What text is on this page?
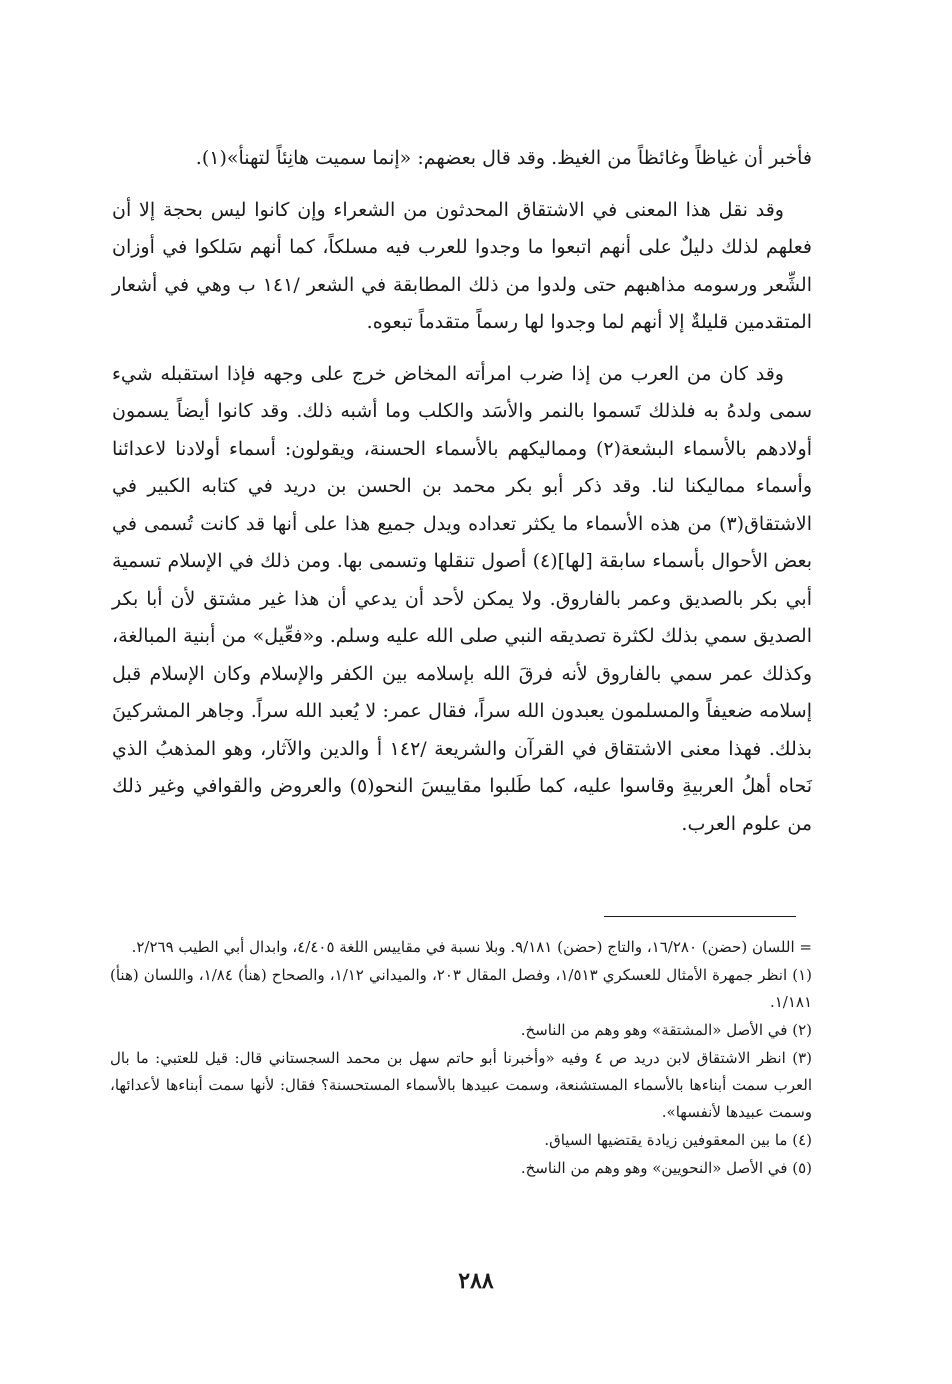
فأخبر أن غياظاً وغائظاً من الغيظ. وقد قال بعضهم: «إنما سميت هانِئاً لتهنأ»(١).

وقد نقل هذا المعنى في الاشتقاق المحدثون من الشعراء وإن كانوا ليس بحجة إلا أن فعلهم لذلك دليلٌ على أنهم اتبعوا ما وجدوا للعرب فيه مسلكاً، كما أنهم سَلكوا في أوزان الشِّعر ورسومه مذاهبهم حتى ولدوا من ذلك المطابقة في الشعر /١٤١ ب وهي في أشعار المتقدمين قليلةٌ إلا أنهم لما وجدوا لها رسماً متقدماً تبعوه.

وقد كان من العرب من إذا ضرب امرأته المخاض خرج على وجهه فإذا استقبله شيء سمى ولدهُ به فلذلك تَسموا بالنمر والأسَد والكلب وما أشبه ذلك. وقد كانوا أيضاً يسمون أولادهم بالأسماء البشعة(٢) ومماليكهم بالأسماء الحسنة، ويقولون: أسماء أولادنا لاعدائنا وأسماء مماليكنا لنا. وقد ذكر أبو بكر محمد بن الحسن بن دريد في كتابه الكبير في الاشتقاق(٣) من هذه الأسماء ما يكثر تعداده ويدل جميع هذا على أنها قد كانت تُسمى في بعض الأحوال بأسماء سابقة [لها](٤) أصول تنقلها وتسمى بها. ومن ذلك في الإسلام تسمية أبي بكر بالصديق وعمر بالفاروق. ولا يمكن لأحد أن يدعي أن هذا غير مشتق لأن أبا بكر الصديق سمي بذلك لكثرة تصديقه النبي صلى الله عليه وسلم. و«فعِّيل» من أبنية المبالغة، وكذلك عمر سمي بالفاروق لأنه فرقَ الله بإسلامه بين الكفر والإسلام وكان الإسلام قبل إسلامه ضعيفاً والمسلمون يعبدون الله سراً، فقال عمر: لا يُعبد الله سراً. وجاهر المشركينَ بذلك. فهذا معنى الاشتقاق في القرآن والشريعة /١٤٢ أ والدين والآثار، وهو المذهبُ الذي نَحاه أهلُ العربيةِ وقاسوا عليه، كما طَلبوا مقاييسَ النحو(٥) والعروض والقوافي وغير ذلك من علوم العرب.

= اللسان (حضن) ١٦/٢٨٠، والتاج (حضن) ٩/١٨١. وبلا نسبة في مقاييس اللغة ٤/٤٠٥، وابدال أبي الطيب ٢/٢٦٩.

(١) انظر جمهرة الأمثال للعسكري ١/٥١٣، وفصل المقال ٢٠٣، والميداني ١/١٢، والصحاح (هنأ) ١/٨٤، واللسان (هنأ) ١/١٨١.

(٢) في الأصل «المشتقة» وهو وهم من الناسخ.

(٣) انظر الاشتقاق لابن دريد ص ٤ وفيه «وأخبرنا أبو حاتم سهل بن محمد السجستاني قال: قيل للعتبي: ما بال العرب سمت أبناءها بالأسماء المستشنعة، وسمت عبيدها بالأسماء المستحسنة؟ فقال: لأنها سمت أبناءها لأعدائها، وسمت عبيدها لأنفسها».

(٤) ما بين المعقوفين زيادة يقتضيها السياق.

(٥) في الأصل «النحويين» وهو وهم من الناسخ.

٢٨٨
